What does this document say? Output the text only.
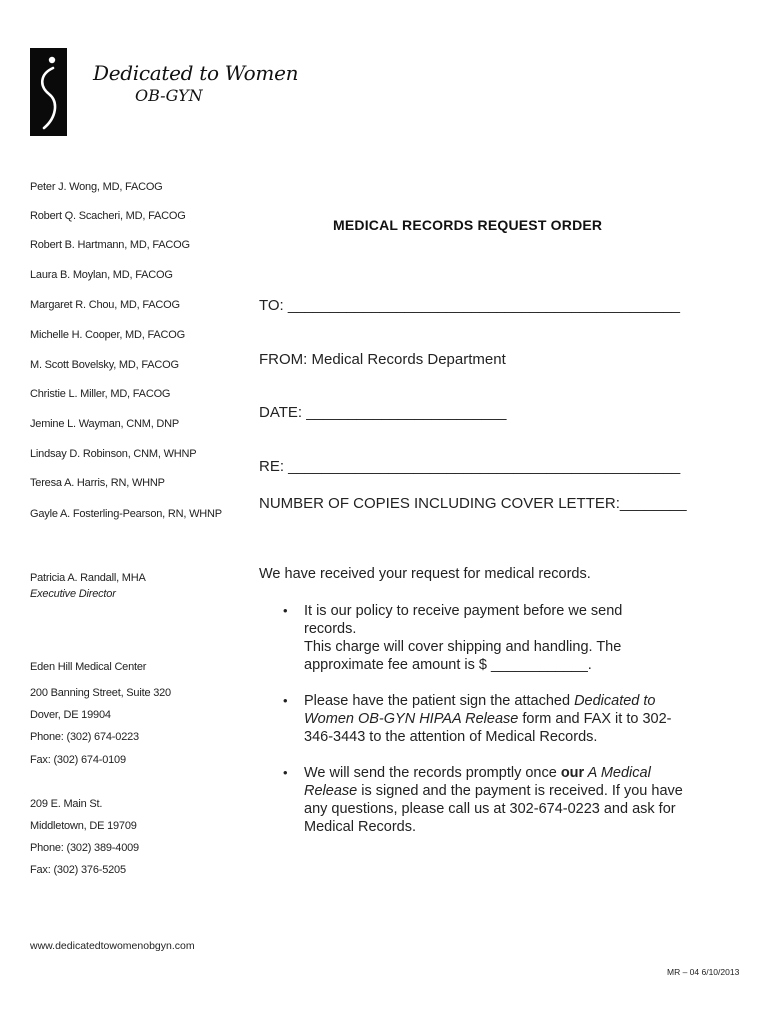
Dedicated to Women
OB-GYN
Peter J. Wong, MD, FACOG
Robert Q. Scacheri, MD, FACOG
Robert B. Hartmann, MD, FACOG
Laura B. Moylan, MD, FACOG
Margaret R. Chou, MD, FACOG
Michelle H. Cooper, MD, FACOG
M. Scott Bovelsky, MD, FACOG
Christie L. Miller, MD, FACOG
Jemine L. Wayman, CNM, DNP
Lindsay D. Robinson, CNM, WHNP
Teresa A. Harris, RN, WHNP
Gayle A. Fosterling-Pearson, RN, WHNP
Patricia A. Randall, MHA
Executive Director
Eden Hill Medical Center
200 Banning Street, Suite 320
Dover, DE 19904
Phone: (302) 674-0223
Fax: (302) 674-0109
209 E. Main St.
Middletown, DE 19709
Phone: (302) 389-4009
Fax: (302) 376-5205
www.dedicatedtowomenobgyn.com
MR – 04 6/10/2013
MEDICAL RECORDS REQUEST ORDER
TO: _______________________________________________
FROM: Medical Records Department
DATE: ________________________
RE: _______________________________________________
NUMBER OF COPIES INCLUDING COVER LETTER:________
We have received your request for medical records.
• It is our policy to receive payment before we send records.
This charge will cover shipping and handling. The approximate fee amount is $ ____________.
• Please have the patient sign the attached Dedicated to Women OB-GYN HIPAA Release form and FAX it to 302-346-3443 to the attention of Medical Records.
• We will send the records promptly once our A Medical Release is signed and the payment is received. If you have any questions, please call us at 302-674-0223 and ask for Medical Records.
